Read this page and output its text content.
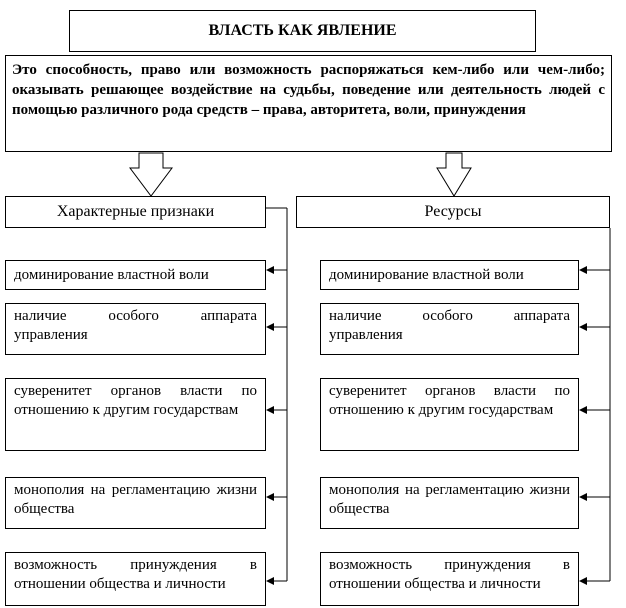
ВЛАСТЬ КАК ЯВЛЕНИЕ
Это способность, право или возможность распоряжаться кем-либо или чем-либо; оказывать решающее воздействие на судьбы, поведение или деятельность людей с помощью различного рода средств – права, авторитета, воли, принуждения
Характерные признаки	Ресурсы
доминирование властной воли
наличие особого аппарата управления
суверенитет органов власти по отношению к другим государствам
монополия на регламентацию жизни общества
возможность принуждения в отношении общества и личности
доминирование властной воли
наличие особого аппарата управления
суверенитет органов власти по отношению к другим государствам
монополия на регламентацию жизни общества
возможность принуждения в отношении общества и личности
